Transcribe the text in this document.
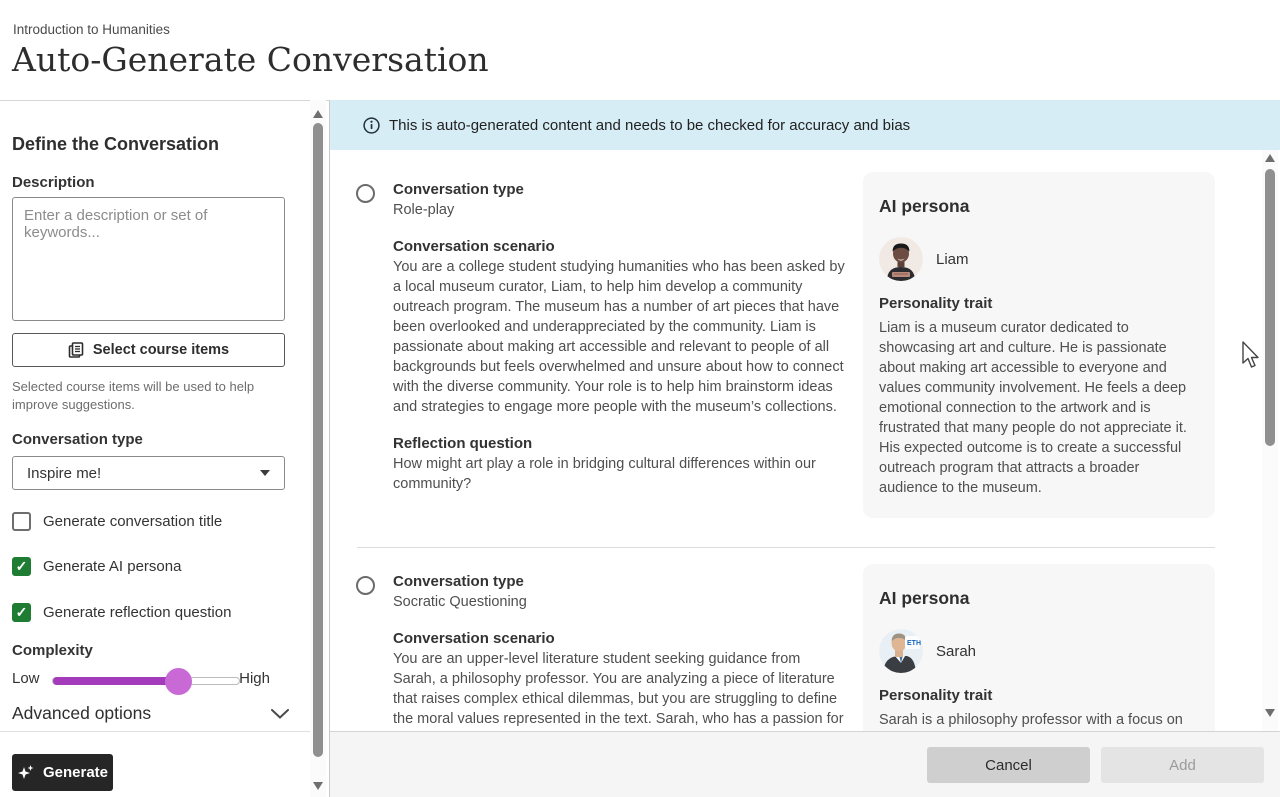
Introduction to Humanities
Auto-Generate Conversation
Define the Conversation
Description
Enter a description or set of keywords...
Select course items
Selected course items will be used to help improve suggestions.
Conversation type
Inspire me!
Generate conversation title
✓ Generate AI persona
✓ Generate reflection question
Complexity
Low	High
Advanced options
Generate
This is auto-generated content and needs to be checked for accuracy and bias
Conversation type
Role-play
Conversation scenario
You are a college student studying humanities who has been asked by a local museum curator, Liam, to help him develop a community outreach program. The museum has a number of art pieces that have been overlooked and underappreciated by the community. Liam is passionate about making art accessible and relevant to people of all backgrounds but feels overwhelmed and unsure about how to connect with the diverse community. Your role is to help him brainstorm ideas and strategies to engage more people with the museum’s collections.
Reflection question
How might art play a role in bridging cultural differences within our community?
AI persona
Liam
Personality trait
Liam is a museum curator dedicated to showcasing art and culture. He is passionate about making art accessible to everyone and values community involvement. He feels a deep emotional connection to the artwork and is frustrated that many people do not appreciate it. His expected outcome is to create a successful outreach program that attracts a broader audience to the museum.
Conversation type
Socratic Questioning
Conversation scenario
You are an upper-level literature student seeking guidance from Sarah, a philosophy professor. You are analyzing a piece of literature that raises complex ethical dilemmas, but you are struggling to define the moral values represented in the text. Sarah, who has a passion for
AI persona
ETH Sarah
Personality trait
Sarah is a philosophy professor with a focus on
Cancel	Add
